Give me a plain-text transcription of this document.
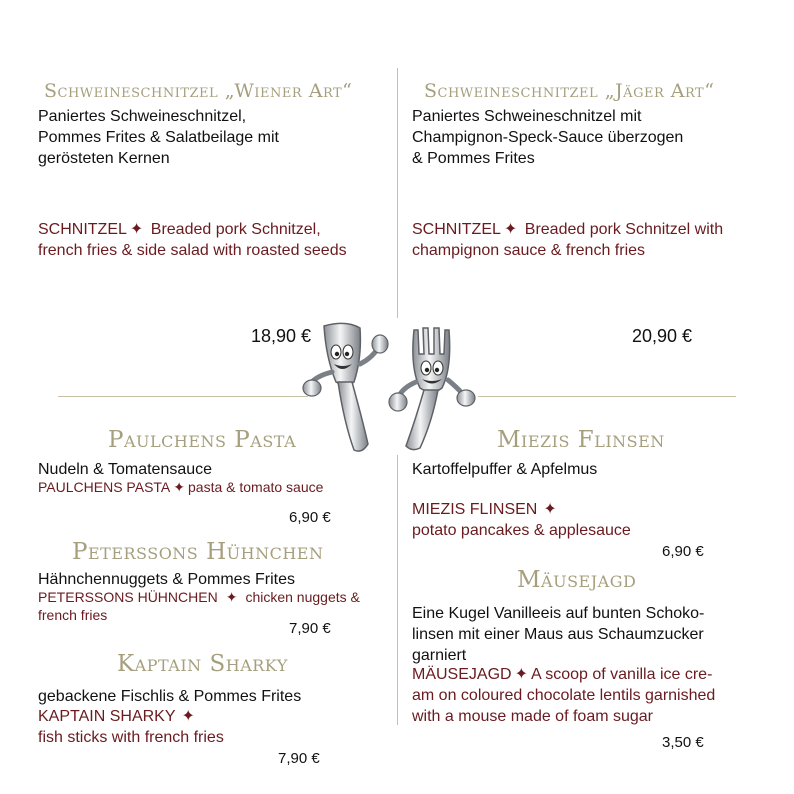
Schweineschnitzel „Wiener Art“
Paniertes Schweineschnitzel,
Pommes Frites & Salatbeilage mit
gerösteten Kernen
SCHNITZEL ✦ Breaded pork Schnitzel,
french fries & side salad with roasted seeds
18,90 €
Schweineschnitzel „Jäger Art“
Paniertes Schweineschnitzel mit
Champignon-Speck-Sauce überzogen
& Pommes Frites
SCHNITZEL ✦ Breaded pork Schnitzel with
champignon sauce & french fries
20,90 €
Paulchens Pasta
Nudeln & Tomatensauce
PAULCHENS PASTA ✦ pasta & tomato sauce
6,90 €
Peterssons Hühnchen
Hähnchennuggets & Pommes Frites
PETERSSONS HÜHNCHEN ✦ chicken nuggets &
french fries
7,90 €
Kaptain Sharky
gebackene Fischlis & Pommes Frites
KAPTAIN SHARKY ✦
fish sticks with french fries
7,90 €
Miezis Flinsen
Kartoffelpuffer & Apfelmus
MIEZIS FLINSEN ✦
potato pancakes & applesauce
6,90 €
Mäusejagd
Eine Kugel Vanilleeis auf bunten Schoko-
linsen mit einer Maus aus Schaumzucker
garniert
MÄUSEJAGD ✦ A scoop of vanilla ice cre-
am on coloured chocolate lentils garnished
with a mouse made of foam sugar
3,50 €
